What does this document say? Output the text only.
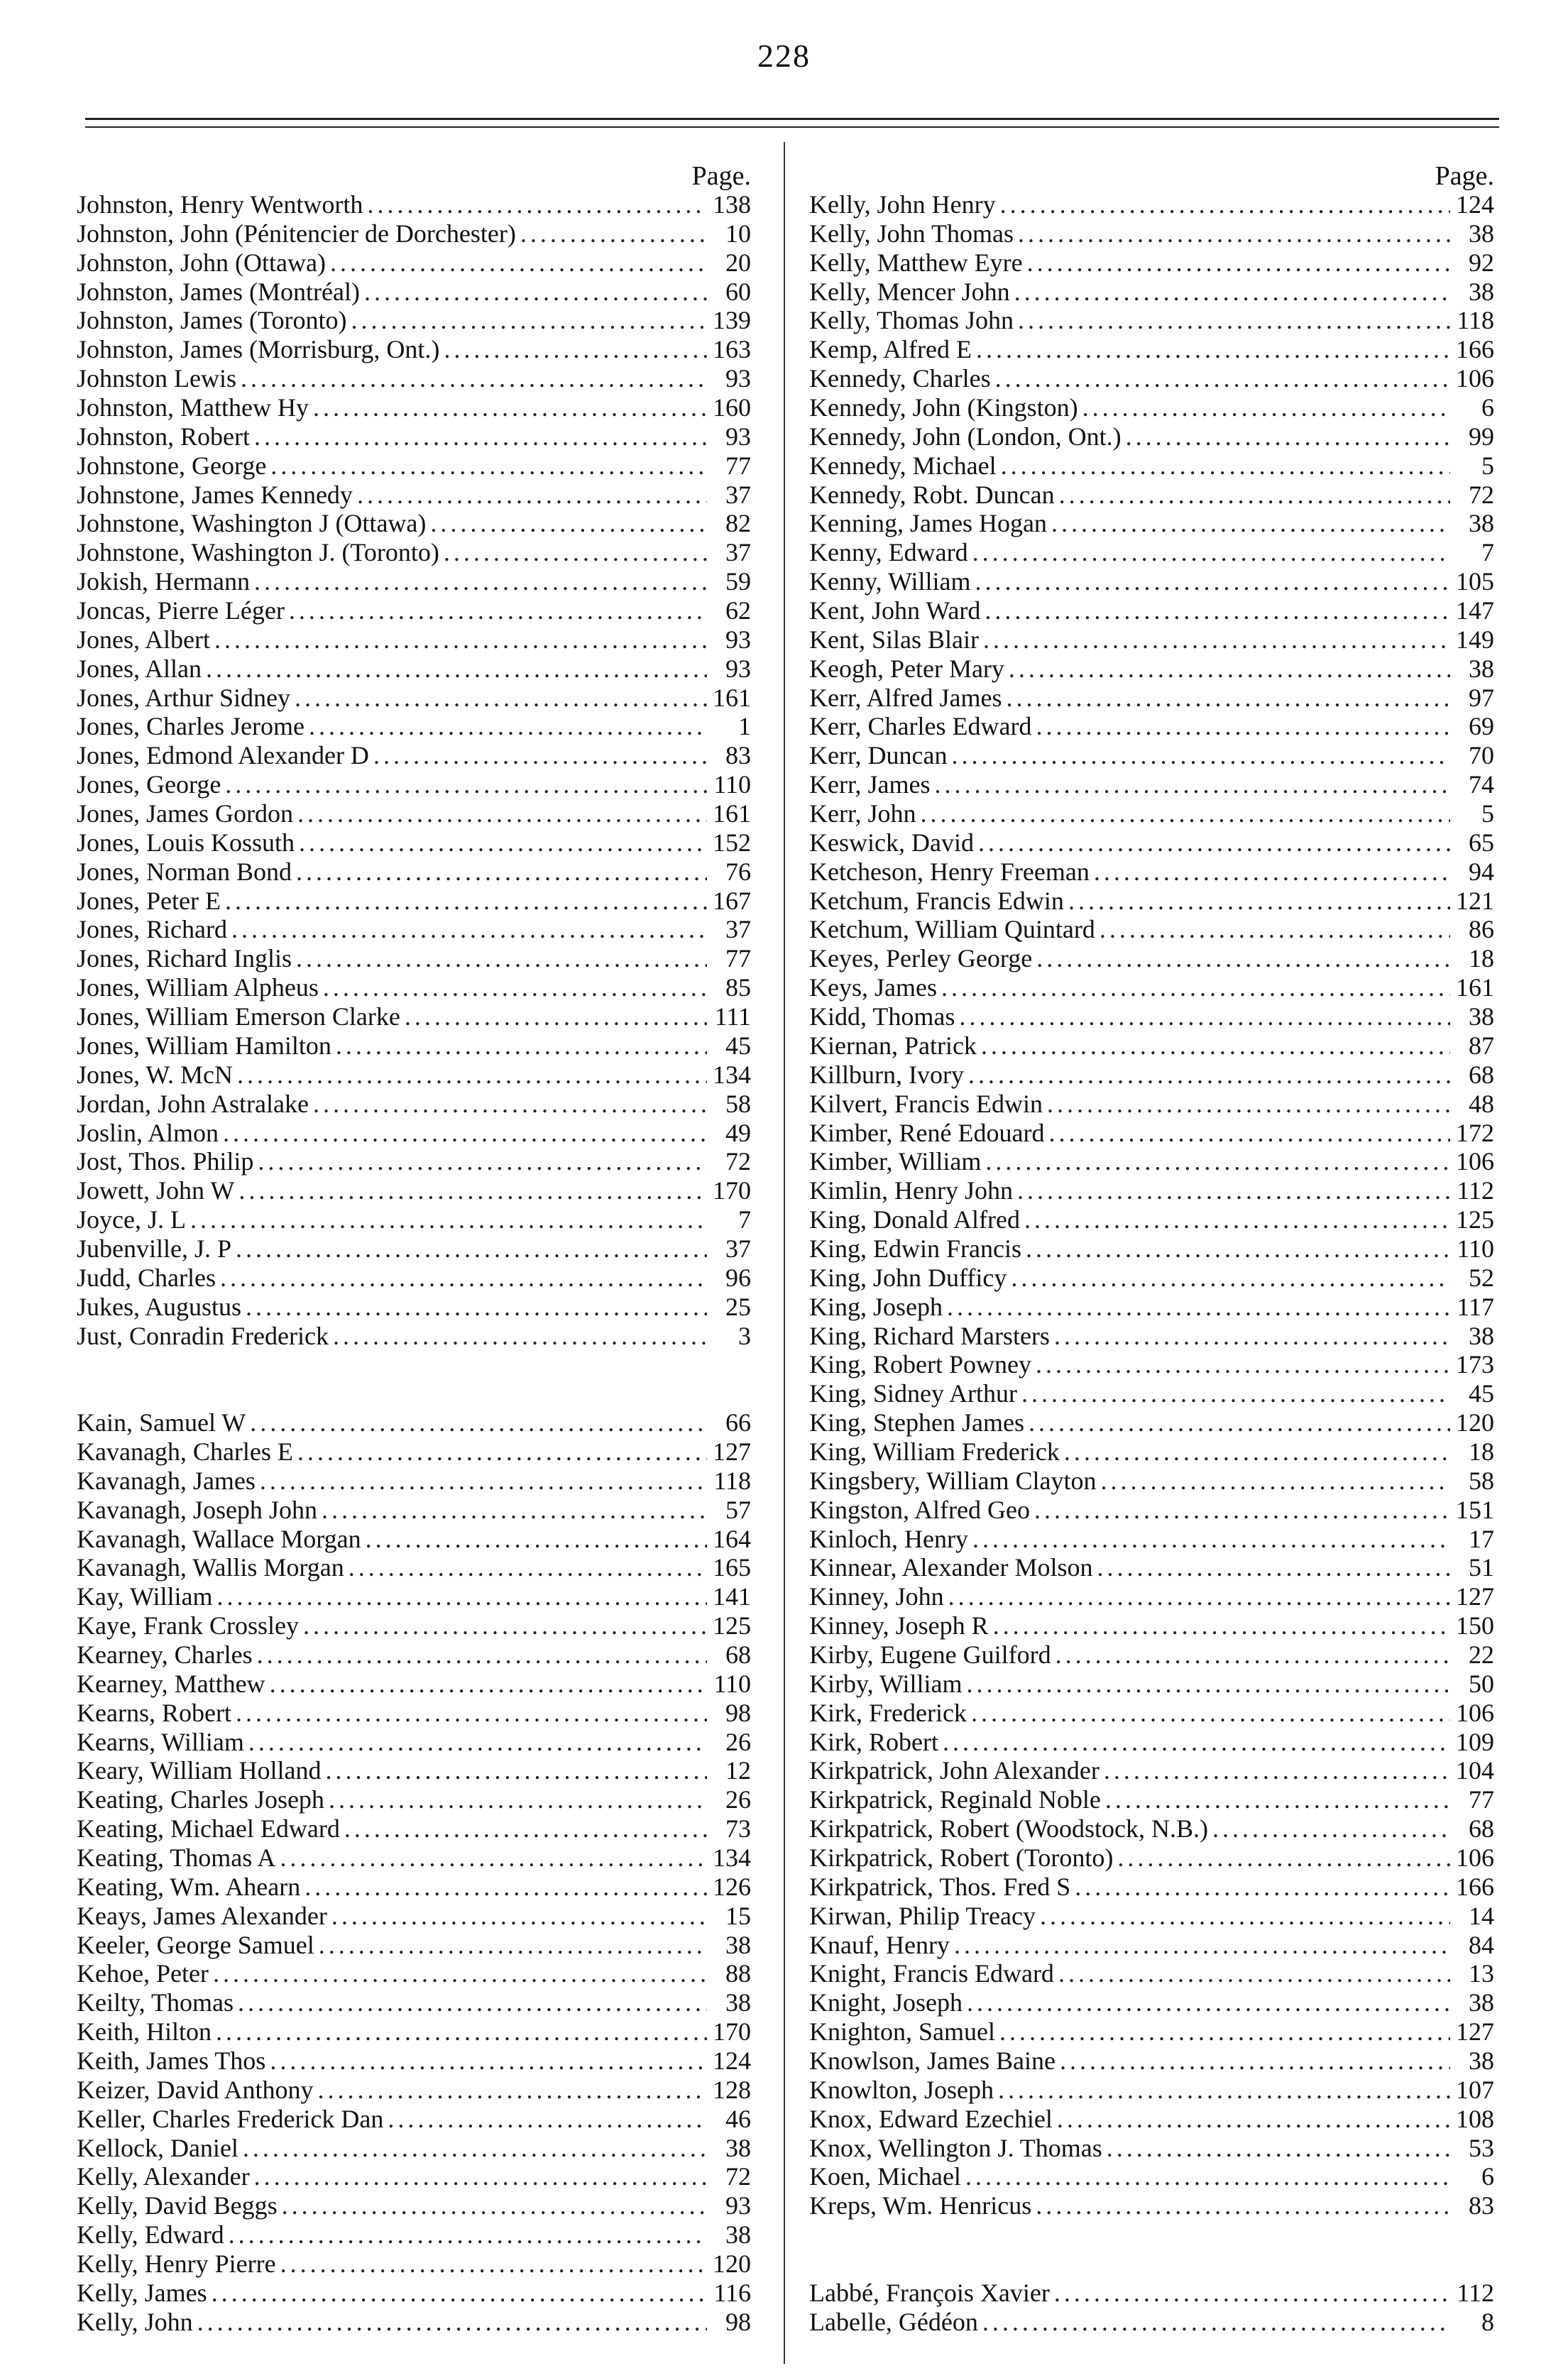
228
Page.
Johnston, Henry Wentworth .....	138
Johnston, John (Pénitencier de Dorchester) .....	10
Johnston, John (Ottawa) .....	20
Johnston, James (Montréal) .....	60
Johnston, James (Toronto) .....	139
Johnston, James (Morrisburg, Ont.) .....	163
Johnston Lewis .....	93
Johnston, Matthew Hy .....	160
Johnston, Robert .....	93
Johnstone, George .....	77
Johnstone, James Kennedy .....	37
Johnstone, Washington J (Ottawa) .....	82
Johnstone, Washington J. (Toronto) .....	37
Jokish, Hermann .....	59
Joncas, Pierre Léger .....	62
Jones, Albert .....	93
Jones, Allan .....	93
Jones, Arthur Sidney .....	161
Jones, Charles Jerome .....	1
Jones, Edmond Alexander D .....	83
Jones, George .....	110
Jones, James Gordon .....	161
Jones, Louis Kossuth .....	152
Jones, Norman Bond .....	76
Jones, Peter E .....	167
Jones, Richard .....	37
Jones, Richard Inglis .....	77
Jones, William Alpheus .....	85
Jones, William Emerson Clarke .....	111
Jones, William Hamilton .....	45
Jones, W. McN .....	134
Jordan, John Astralake .....	58
Joslin, Almon .....	49
Jost, Thos. Philip .....	72
Jowett, John W .....	170
Joyce, J. L .....	7
Jubenville, J. P .....	37
Judd, Charles .....	96
Jukes, Augustus .....	25
Just, Conradin Frederick .....	3
Kain, Samuel W .....	66
Kavanagh, Charles E .....	127
Kavanagh, James .....	118
Kavanagh, Joseph John .....	57
Kavanagh, Wallace Morgan .....	164
Kavanagh, Wallis Morgan .....	165
Kay, William .....	141
Kaye, Frank Crossley .....	125
Kearney, Charles .....	68
Kearney, Matthew .....	110
Kearns, Robert .....	98
Kearns, William .....	26
Keary, William Holland .....	12
Keating, Charles Joseph .....	26
Keating, Michael Edward .....	73
Keating, Thomas A .....	134
Keating, Wm. Ahearn .....	126
Keays, James Alexander .....	15
Keeler, George Samuel .....	38
Kehoe, Peter .....	88
Keilty, Thomas .....	38
Keith, Hilton .....	170
Keith, James Thos .....	124
Keizer, David Anthony .....	128
Keller, Charles Frederick Dan .....	46
Kellock, Daniel .....	38
Kelly, Alexander .....	72
Kelly, David Beggs .....	93
Kelly, Edward .....	38
Kelly, Henry Pierre .....	120
Kelly, James .....	116
Kelly, John .....	98
Page.
Kelly, John Henry .....	124
Kelly, John Thomas .....	38
Kelly, Matthew Eyre .....	92
Kelly, Mencer John .....	38
Kelly, Thomas John .....	118
Kemp, Alfred E .....	166
Kennedy, Charles .....	106
Kennedy, John (Kingston) .....	6
Kennedy, John (London, Ont.) .....	99
Kennedy, Michael .....	5
Kennedy, Robt. Duncan .....	72
Kenning, James Hogan .....	38
Kenny, Edward .....	7
Kenny, William .....	105
Kent, John Ward .....	147
Kent, Silas Blair .....	149
Keogh, Peter Mary .....	38
Kerr, Alfred James .....	97
Kerr, Charles Edward .....	69
Kerr, Duncan .....	70
Kerr, James .....	74
Kerr, John .....	5
Keswick, David .....	65
Ketcheson, Henry Freeman .....	94
Ketchum, Francis Edwin .....	121
Ketchum, William Quintard .....	86
Keyes, Perley George .....	18
Keys, James .....	161
Kidd, Thomas .....	38
Kiernan, Patrick .....	87
Killburn, Ivory .....	68
Kilvert, Francis Edwin .....	48
Kimber, René Edouard .....	172
Kimber, William .....	106
Kimlin, Henry John .....	112
King, Donald Alfred .....	125
King, Edwin Francis .....	110
King, John Dufficy .....	52
King, Joseph .....	117
King, Richard Marsters .....	38
King, Robert Powney .....	173
King, Sidney Arthur .....	45
King, Stephen James .....	120
King, William Frederick .....	18
Kingsbery, William Clayton .....	58
Kingston, Alfred Geo .....	151
Kinloch, Henry .....	17
Kinnear, Alexander Molson .....	51
Kinney, John .....	127
Kinney, Joseph R .....	150
Kirby, Eugene Guilford .....	22
Kirby, William .....	50
Kirk, Frederick .....	106
Kirk, Robert .....	109
Kirkpatrick, John Alexander .....	104
Kirkpatrick, Reginald Noble .....	77
Kirkpatrick, Robert (Woodstock, N.B.) .....	68
Kirkpatrick, Robert (Toronto) .....	106
Kirkpatrick, Thos. Fred S .....	166
Kirwan, Philip Treacy .....	14
Knauf, Henry .....	84
Knight, Francis Edward .....	13
Knight, Joseph .....	38
Knighton, Samuel .....	127
Knowlson, James Baine .....	38
Knowlton, Joseph .....	107
Knox, Edward Ezechiel .....	108
Knox, Wellington J. Thomas .....	53
Koen, Michael .....	6
Kreps, Wm. Henricus .....	83
Labbé, François Xavier .....	112
Labelle, Gédéon .....	8
